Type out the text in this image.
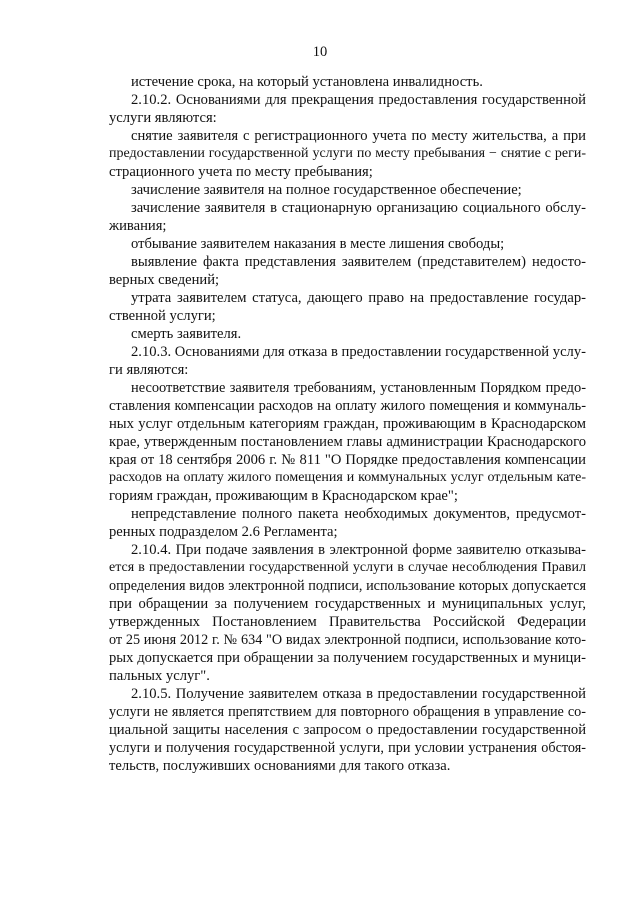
10
истечение срока, на который установлена инвалидность.
2.10.2. Основаниями для прекращения предоставления государственной
услуги являются:
снятие заявителя с регистрационного учета по месту жительства, а при
предоставлении государственной услуги по месту пребывания − снятие с реги-
страционного учета по месту пребывания;
зачисление заявителя на полное государственное обеспечение;
зачисление заявителя в стационарную организацию социального обслу-
живания;
отбывание заявителем наказания в месте лишения свободы;
выявление факта представления заявителем (представителем) недосто-
верных сведений;
утрата заявителем статуса, дающего право на предоставление государ-
ственной услуги;
смерть заявителя.
2.10.3. Основаниями для отказа в предоставлении государственной услу-
ги являются:
несоответствие заявителя требованиям, установленным Порядком предо-
ставления компенсации расходов на оплату жилого помещения и коммуналь-
ных услуг отдельным категориям граждан, проживающим в Краснодарском
крае, утвержденным постановлением главы администрации Краснодарского
края от 18 сентября 2006 г. № 811 "О Порядке предоставления компенсации
расходов на оплату жилого помещения и коммунальных услуг отдельным кате-
гориям граждан, проживающим в Краснодарском крае";
непредставление полного пакета необходимых документов, предусмот-
ренных подразделом 2.6 Регламента;
2.10.4. При подаче заявления в электронной форме заявителю отказыва-
ется в предоставлении государственной услуги в случае несоблюдения Правил
определения видов электронной подписи, использование которых допускается
при обращении за получением государственных и муниципальных услуг,
утвержденных Постановлением Правительства Российской Федерации
от 25 июня 2012 г. № 634 "О видах электронной подписи, использование кото-
рых допускается при обращении за получением государственных и муници-
пальных услуг".
2.10.5. Получение заявителем отказа в предоставлении государственной
услуги не является препятствием для повторного обращения в управление со-
циальной защиты населения с запросом о предоставлении государственной
услуги и получения государственной услуги, при условии устранения обстоя-
тельств, послуживших основаниями для такого отказа.
